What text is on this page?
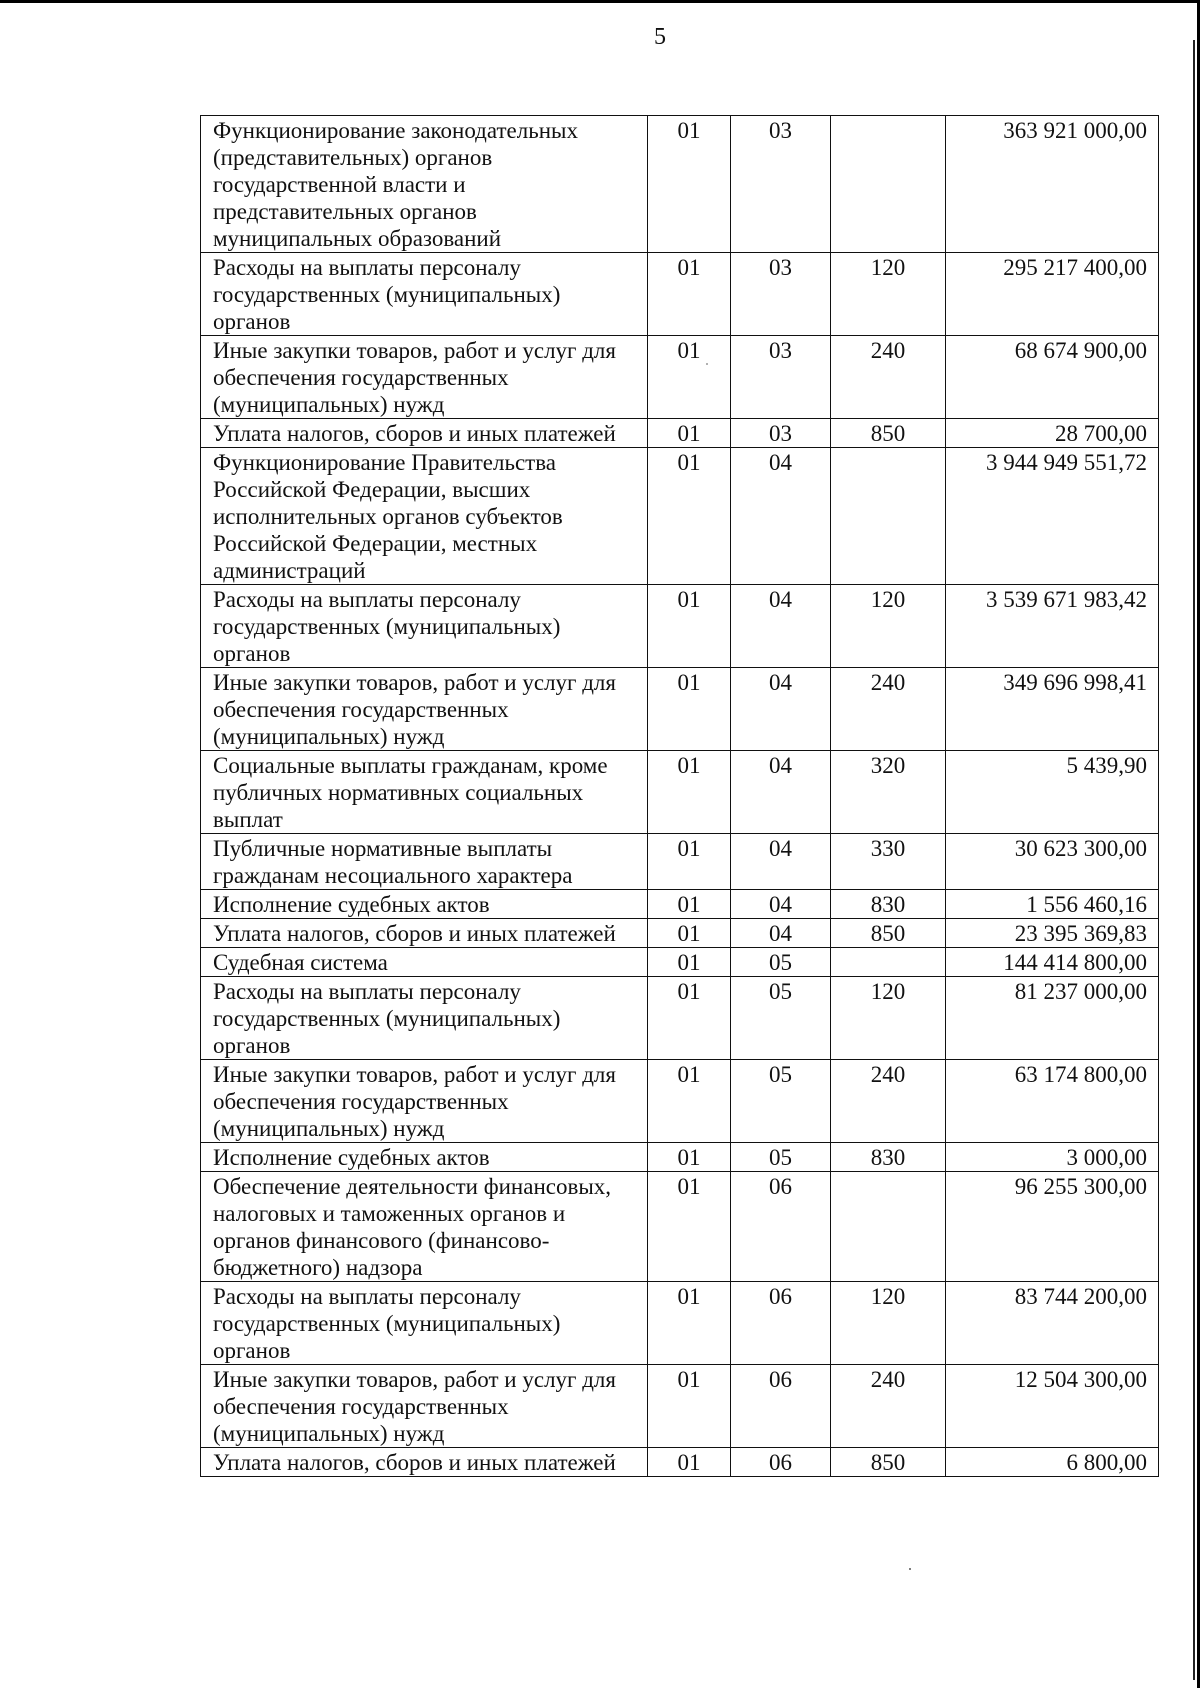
5
Функционирование законодательных (представительных) органов государственной власти и представительных органов муниципальных образований	01	03		363 921 000,00
Расходы на выплаты персоналу государственных (муниципальных) органов	01	03	120	295 217 400,00
Иные закупки товаров, работ и услуг для обеспечения государственных (муниципальных) нужд	01	03	240	68 674 900,00
Уплата налогов, сборов и иных платежей	01	03	850	28 700,00
Функционирование Правительства Российской Федерации, высших исполнительных органов субъектов Российской Федерации, местных администраций	01	04		3 944 949 551,72
Расходы на выплаты персоналу государственных (муниципальных) органов	01	04	120	3 539 671 983,42
Иные закупки товаров, работ и услуг для обеспечения государственных (муниципальных) нужд	01	04	240	349 696 998,41
Социальные выплаты гражданам, кроме публичных нормативных социальных выплат	01	04	320	5 439,90
Публичные нормативные выплаты гражданам несоциального характера	01	04	330	30 623 300,00
Исполнение судебных актов	01	04	830	1 556 460,16
Уплата налогов, сборов и иных платежей	01	04	850	23 395 369,83
Судебная система	01	05		144 414 800,00
Расходы на выплаты персоналу государственных (муниципальных) органов	01	05	120	81 237 000,00
Иные закупки товаров, работ и услуг для обеспечения государственных (муниципальных) нужд	01	05	240	63 174 800,00
Исполнение судебных актов	01	05	830	3 000,00
Обеспечение деятельности финансовых, налоговых и таможенных органов и органов финансового (финансово-бюджетного) надзора	01	06		96 255 300,00
Расходы на выплаты персоналу государственных (муниципальных) органов	01	06	120	83 744 200,00
Иные закупки товаров, работ и услуг для обеспечения государственных (муниципальных) нужд	01	06	240	12 504 300,00
Уплата налогов, сборов и иных платежей	01	06	850	6 800,00
